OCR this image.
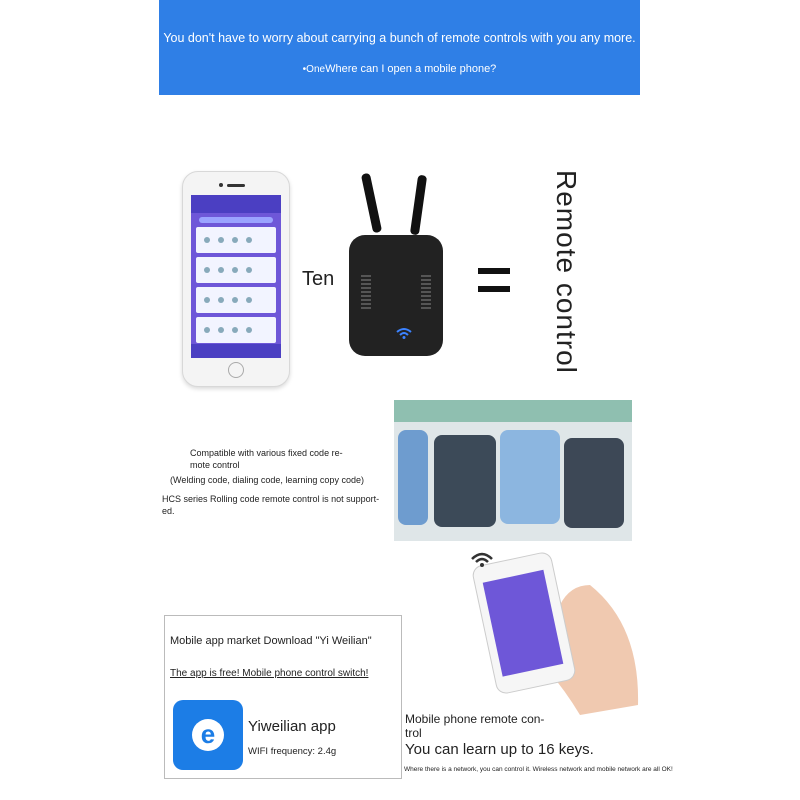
You don't have to worry about carrying a bunch of remote controls with you any more.
•OneWhere can I open a mobile phone?
Ten	Remote control
Compatible with various fixed code re-
mote control
(Welding code, dialing code, learning copy code)
HCS series Rolling code remote control is not support-
ed.
Mobile app market Download "Yi Weilian"
The app is free! Mobile phone control switch!
e	Yiweilian app
WIFI frequency: 2.4g
Mobile phone remote con-
trol
You can learn up to 16 keys.
Where there is a network, you can control it. Wireless network and mobile network are all OK!
